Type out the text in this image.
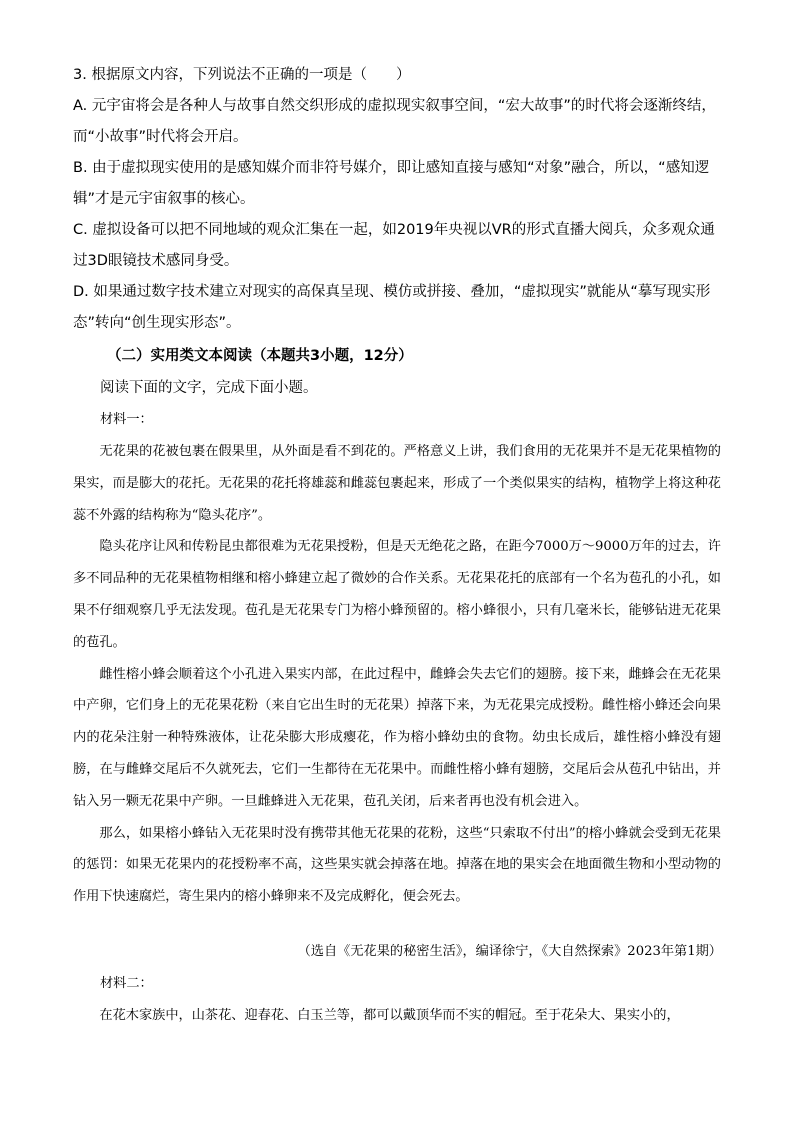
3. 根据原文内容，下列说法不正确的一项是（　　）
A. 元宇宙将会是各种人与故事自然交织形成的虚拟现实叙事空间，“宏大故事”的时代将会逐渐终结，而“小故事”时代将会开启。
B. 由于虚拟现实使用的是感知媒介而非符号媒介，即让感知直接与感知“对象”融合，所以，“感知逻辑”才是元宇宙叙事的核心。
C. 虚拟设备可以把不同地域的观众汇集在一起，如2019年央视以VR的形式直播大阅兵，众多观众通过3D眼镜技术感同身受。
D. 如果通过数字技术建立对现实的高保真呈现、模仿或拼接、叠加，“虚拟现实”就能从“摹写现实形态”转向“创生现实形态”。
（二）实用类文本阅读（本题共3小题，12分）
阅读下面的文字，完成下面小题。
材料一：
无花果的花被包裹在假果里，从外面是看不到花的。严格意义上讲，我们食用的无花果并不是无花果植物的果实，而是膨大的花托。无花果的花托将雄蕊和雌蕊包裹起来，形成了一个类似果实的结构，植物学上将这种花蕊不外露的结构称为“隐头花序”。
隐头花序让风和传粉昆虫都很难为无花果授粉，但是天无绝花之路，在距今7000万～9000万年的过去，许多不同品种的无花果植物相继和榕小蜂建立起了微妙的合作关系。无花果花托的底部有一个名为苞孔的小孔，如果不仔细观察几乎无法发现。苞孔是无花果专门为榕小蜂预留的。榕小蜂很小，只有几毫米长，能够钻进无花果的苞孔。
雌性榕小蜂会顺着这个小孔进入果实内部，在此过程中，雌蜂会失去它们的翅膀。接下来，雌蜂会在无花果中产卵，它们身上的无花果花粉（来自它出生时的无花果）掉落下来，为无花果完成授粉。雌性榕小蜂还会向果内的花朵注射一种特殊液体，让花朵膨大形成瘿花，作为榕小蜂幼虫的食物。幼虫长成后，雄性榕小蜂没有翅膀，在与雌蜂交尾后不久就死去，它们一生都待在无花果中。而雌性榕小蜂有翅膀，交尾后会从苞孔中钻出，并钻入另一颗无花果中产卵。一旦雌蜂进入无花果，苞孔关闭，后来者再也没有机会进入。
那么，如果榕小蜂钻入无花果时没有携带其他无花果的花粉，这些“只索取不付出”的榕小蜂就会受到无花果的惩罚：如果无花果内的花授粉率不高，这些果实就会掉落在地。掉落在地的果实会在地面微生物和小型动物的作用下快速腐烂，寄生果内的榕小蜂卵来不及完成孵化，便会死去。
（选自《无花果的秘密生活》，编译徐宁，《大自然探索》2023年第1期）
材料二：
在花木家族中，山茶花、迎春花、白玉兰等，都可以戴顶华而不实的帽冠。至于花朵大、果实小的，
